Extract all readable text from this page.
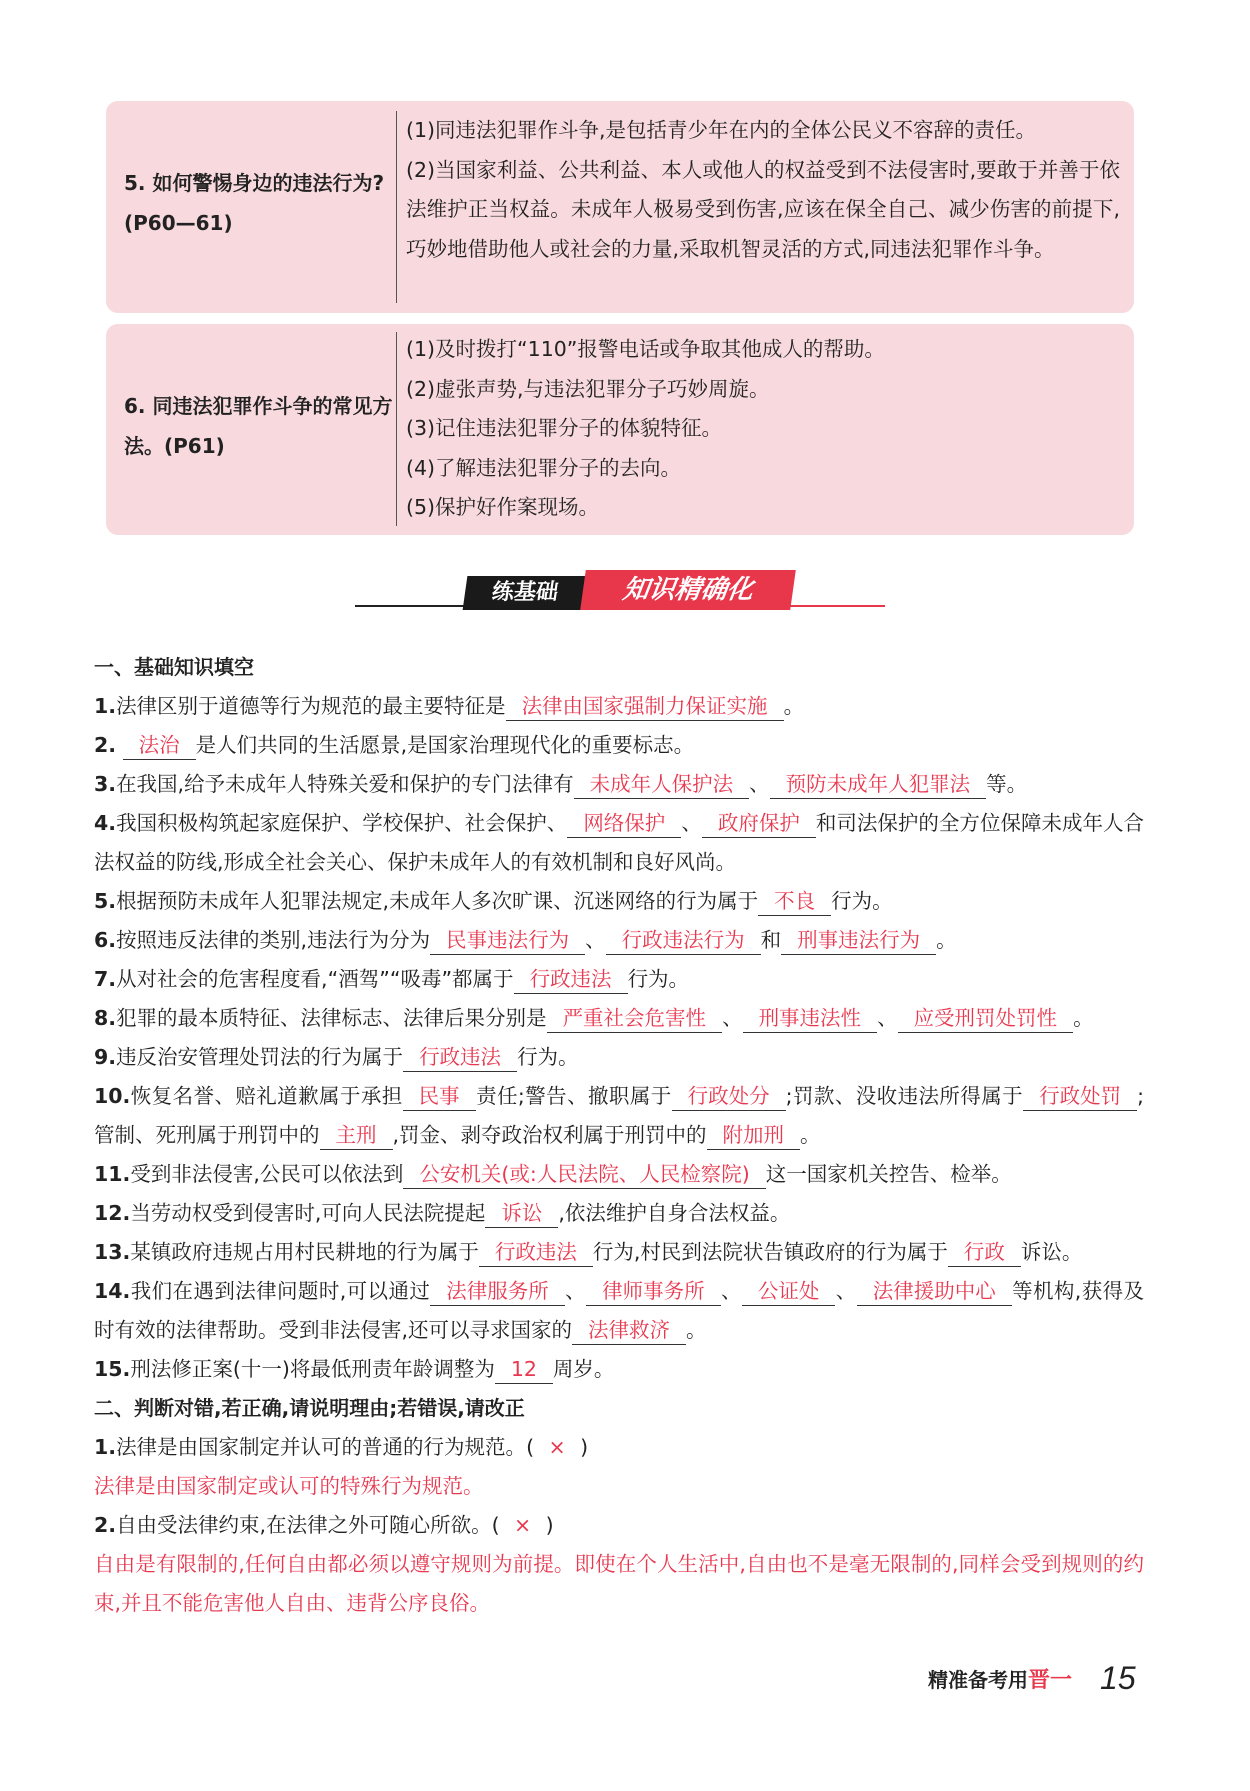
5. 如何警惕身边的违法行为?(P60—61)

(1)同违法犯罪作斗争,是包括青少年在内的全体公民义不容辞的责任。

(2)当国家利益、公共利益、本人或他人的权益受到不法侵害时,要敢于并善于依法维护正当权益。未成年人极易受到伤害,应该在保全自己、减少伤害的前提下,巧妙地借助他人或社会的力量,采取机智灵活的方式,同违法犯罪作斗争。

6. 同违法犯罪作斗争的常见方法。(P61)
(1)及时拨打“110”报警电话或争取其他成人的帮助。
(2)虚张声势,与违法犯罪分子巧妙周旋。
(3)记住违法犯罪分子的体貌特征。
(4)了解违法犯罪分子的去向。
(5)保护好作案现场。
练基础	知识精确化
一、基础知识填空

1.法律区别于道德等行为规范的最主要特征是 法律由国家强制力保证实施 。

2. 法治 是人们共同的生活愿景,是国家治理现代化的重要标志。

3.在我国,给予未成年人特殊关爱和保护的专门法律有 未成年人保护法 、 预防未成年人犯罪法 等。

4.我国积极构筑起家庭保护、学校保护、社会保护、 网络保护 、 政府保护 和司法保护的全方位保障未成年人合法权益的防线,形成全社会关心、保护未成年人的有效机制和良好风尚。

5.根据预防未成年人犯罪法规定,未成年人多次旷课、沉迷网络的行为属于 不良 行为。

6.按照违反法律的类别,违法行为分为 民事违法行为 、 行政违法行为 和 刑事违法行为 。

7.从对社会的危害程度看,“酒驾”“吸毒”都属于 行政违法 行为。

8.犯罪的最本质特征、法律标志、法律后果分别是 严重社会危害性 、 刑事违法性 、 应受刑罚处罚性 。

9.违反治安管理处罚法的行为属于 行政违法 行为。

10.恢复名誉、赔礼道歉属于承担 民事 责任;警告、撤职属于 行政处分 ;罚款、没收违法所得属于 行政处罚 ;管制、死刑属于刑罚中的 主刑 ,罚金、剥夺政治权利属于刑罚中的 附加刑 。

11.受到非法侵害,公民可以依法到 公安机关(或:人民法院、人民检察院) 这一国家机关控告、检举。

12.当劳动权受到侵害时,可向人民法院提起 诉讼 ,依法维护自身合法权益。

13.某镇政府违规占用村民耕地的行为属于 行政违法 行为,村民到法院状告镇政府的行为属于 行政 诉讼。

14.我们在遇到法律问题时,可以通过 法律服务所 、 律师事务所 、 公证处 、 法律援助中心 等机构,获得及时有效的法律帮助。受到非法侵害,还可以寻求国家的 法律救济 。

15.刑法修正案(十一)将最低刑责年龄调整为 12 周岁。

二、判断对错,若正确,请说明理由;若错误,请改正

1.法律是由国家制定并认可的普通的行为规范。( × )

法律是由国家制定或认可的特殊行为规范。

2.自由受法律约束,在法律之外可随心所欲。( × )

自由是有限制的,任何自由都必须以遵守规则为前提。即使在个人生活中,自由也不是毫无限制的,同样会受到规则的约束,并且不能危害他人自由、违背公序良俗。

精准备考用 晋一 15
